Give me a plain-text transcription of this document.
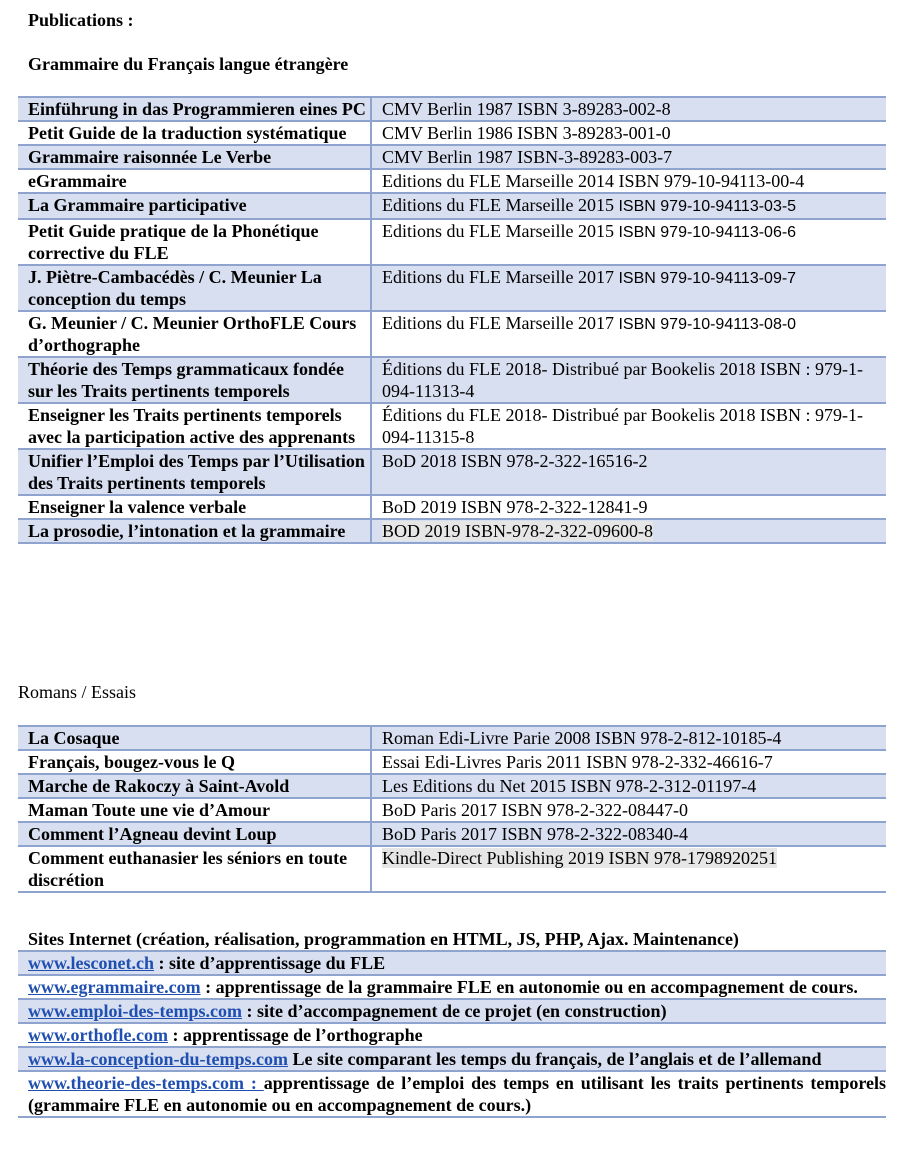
Publications :
Grammaire du Français langue étrangère
Einführung in das Programmieren eines PC	CMV Berlin 1987 ISBN 3-89283-002-8
Petit Guide de la traduction systématique	CMV Berlin 1986 ISBN 3-89283-001-0
Grammaire raisonnée Le Verbe	CMV Berlin 1987 ISBN-3-89283-003-7
eGrammaire	Editions du FLE Marseille 2014 ISBN 979-10-94113-00-4
La Grammaire participative	Editions du FLE Marseille 2015 ISBN 979-10-94113-03-5
Petit Guide pratique de la Phonétique corrective du FLE	Editions du FLE Marseille 2015 ISBN 979-10-94113-06-6
J. Piètre-Cambacédès / C. Meunier La conception du temps	Editions du FLE Marseille 2017 ISBN 979-10-94113-09-7
G. Meunier / C. Meunier OrthoFLE Cours d’orthographe	Editions du FLE Marseille 2017 ISBN 979-10-94113-08-0
Théorie des Temps grammaticaux fondée sur les Traits pertinents temporels	Éditions du FLE 2018- Distribué par Bookelis 2018 ISBN : 979-1-094-11313-4
Enseigner les Traits pertinents temporels avec la participation active des apprenants	Éditions du FLE 2018- Distribué par Bookelis 2018 ISBN : 979-1-094-11315-8
Unifier l’Emploi des Temps par l’Utilisation des Traits pertinents temporels	BoD 2018 ISBN 978-2-322-16516-2
Enseigner la valence verbale	BoD 2019 ISBN 978-2-322-12841-9
La prosodie, l’intonation et la grammaire	BOD 2019 ISBN-978-2-322-09600-8
Romans / Essais
La Cosaque	Roman Edi-Livre Parie 2008 ISBN 978-2-812-10185-4
Français, bougez-vous le Q	Essai Edi-Livres Paris 2011 ISBN 978-2-332-46616-7
Marche de Rakoczy à Saint-Avold	Les Editions du Net 2015 ISBN 978-2-312-01197-4
Maman Toute une vie d’Amour	BoD Paris 2017 ISBN 978-2-322-08447-0
Comment l’Agneau devint Loup	BoD Paris 2017 ISBN 978-2-322-08340-4
Comment euthanasier les séniors en toute discrétion	Kindle-Direct Publishing 2019 ISBN 978-1798920251
Sites Internet (création, réalisation, programmation en HTML, JS, PHP, Ajax. Maintenance)
www.lesconet.ch : site d’apprentissage du FLE
www.egrammaire.com : apprentissage de la grammaire FLE en autonomie ou en accompagnement de cours.
www.emploi-des-temps.com : site d’accompagnement de ce projet (en construction)
www.orthofle.com : apprentissage de l’orthographe
www.la-conception-du-temps.com Le site comparant les temps du français, de l’anglais et de l’allemand
www.theorie-des-temps.com : apprentissage de l’emploi des temps en utilisant les traits pertinents temporels (grammaire FLE en autonomie ou en accompagnement de cours.)
